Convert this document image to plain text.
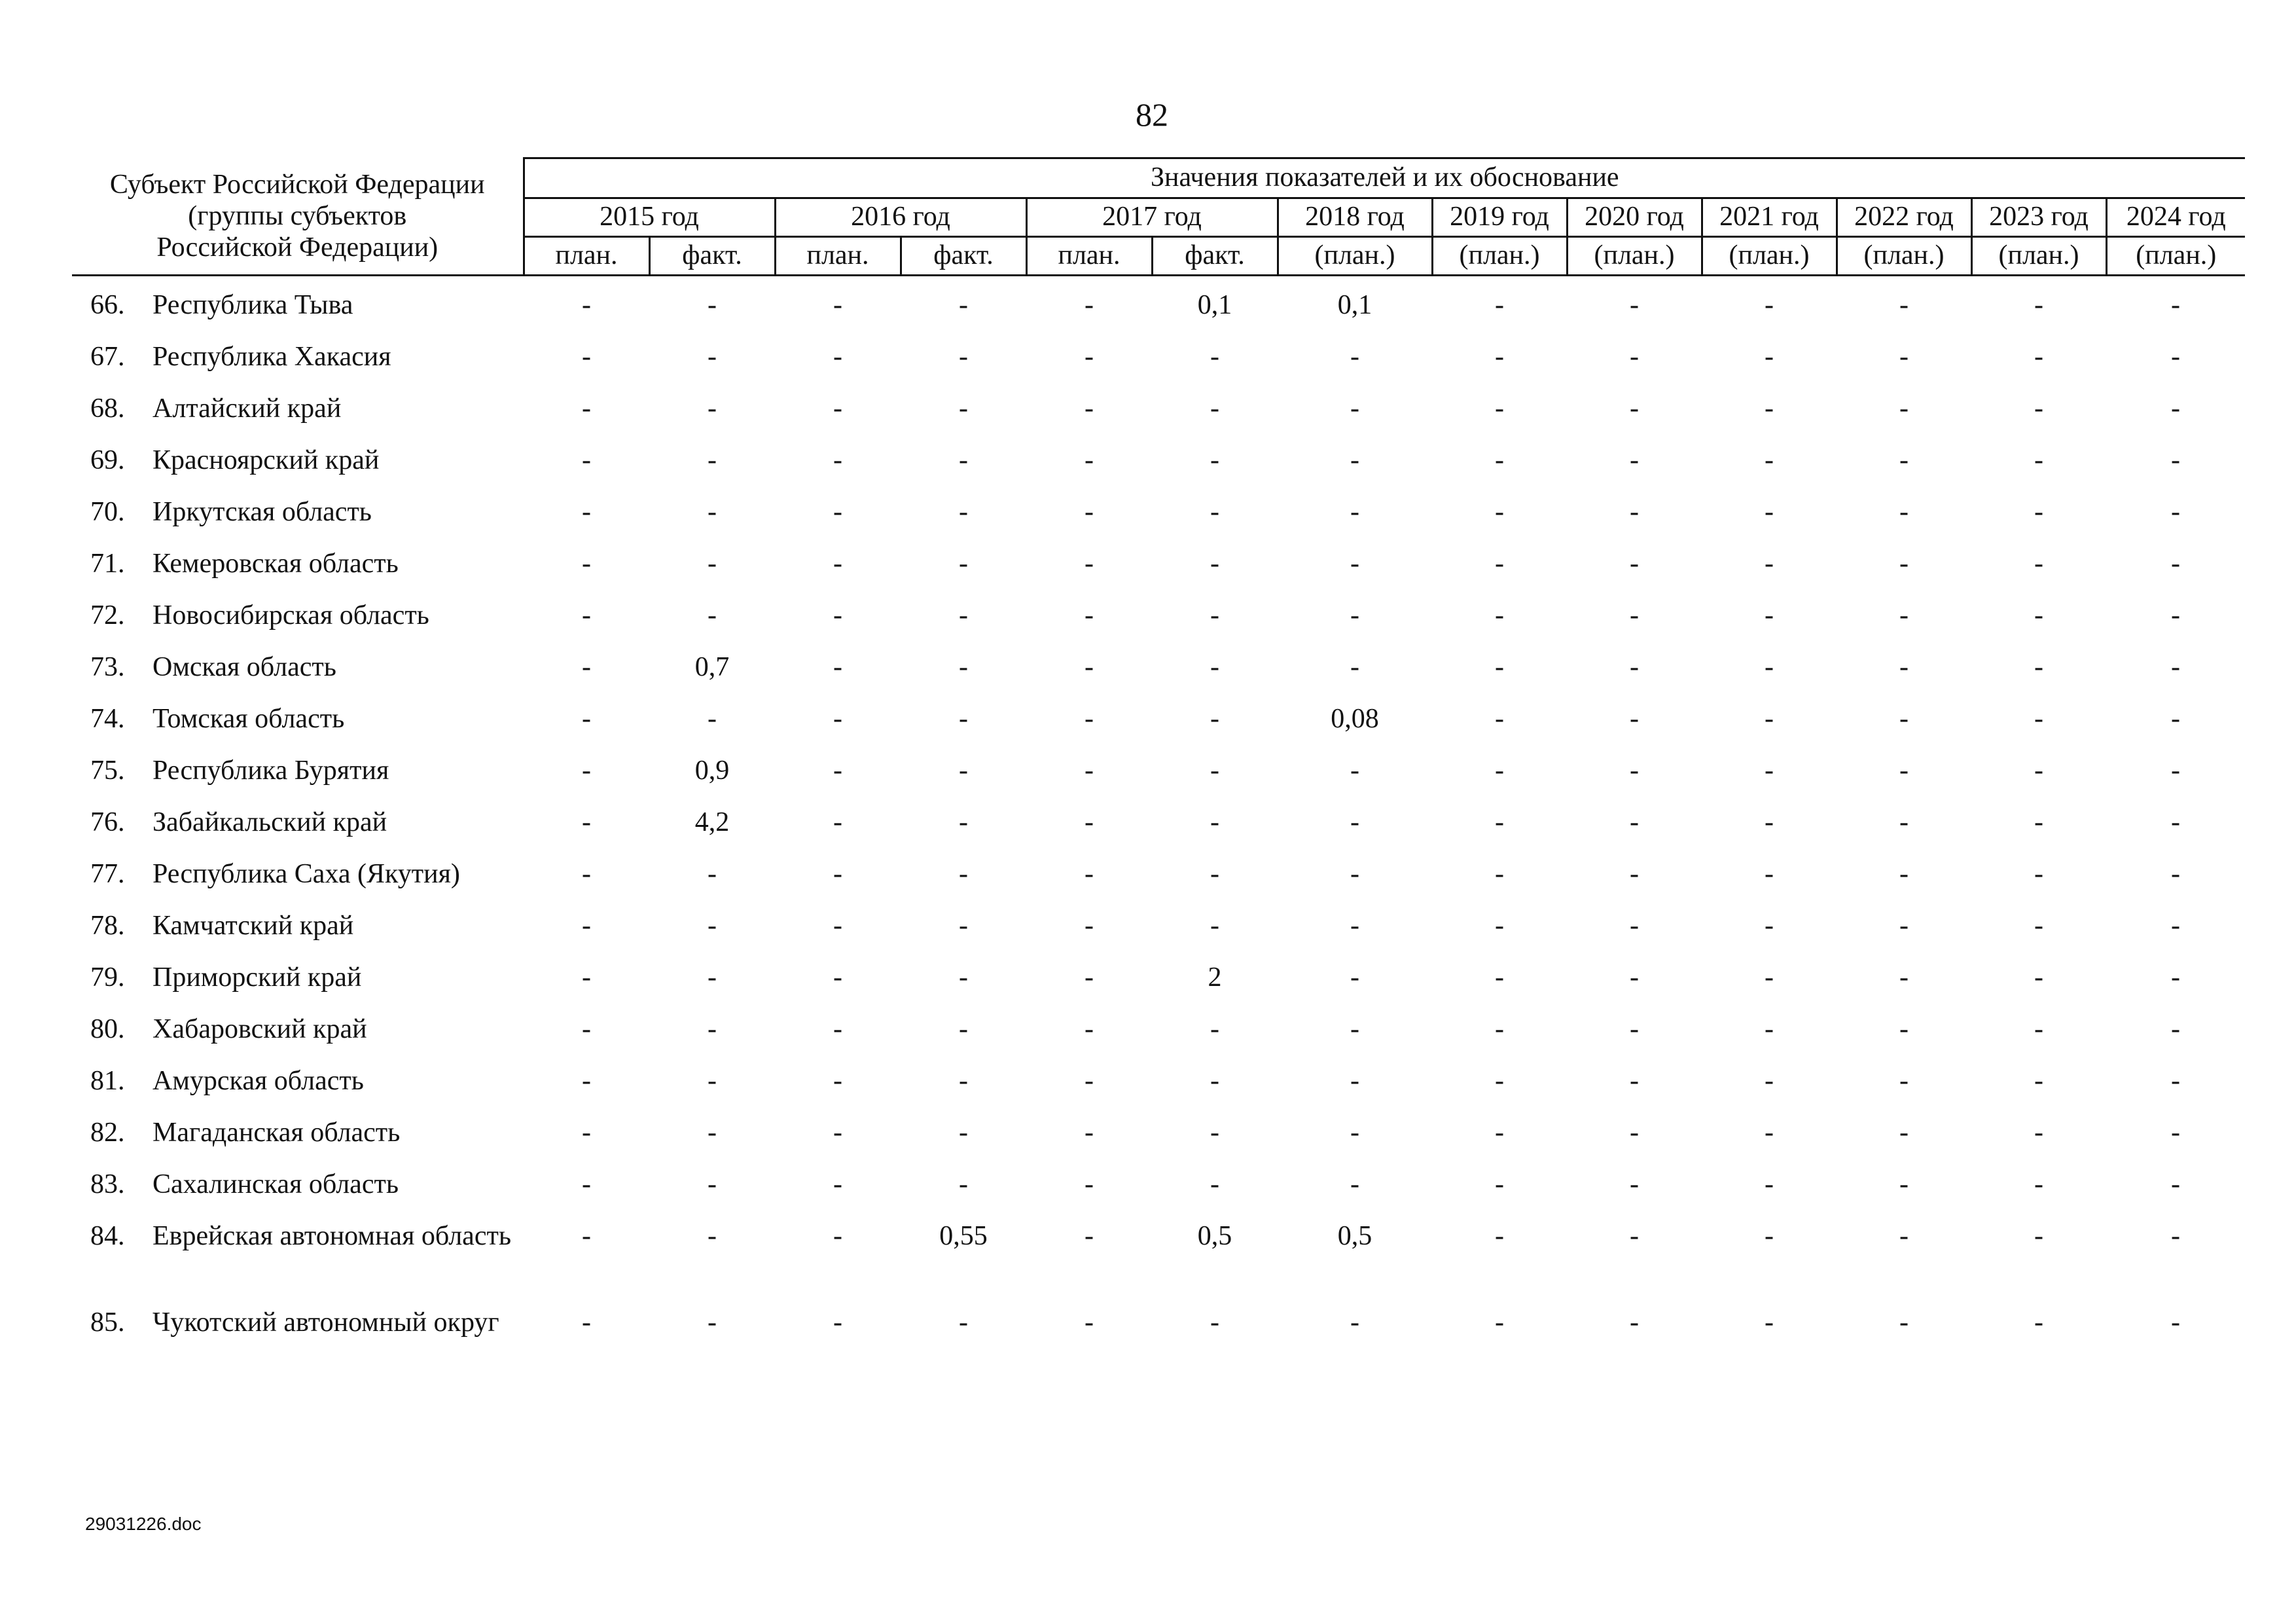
82
Субъект Российской Федерации
(группы субъектов
Российской Федерации)	Значения показателей и их обоснование												
	2015 год		2016 год		2017 год		2018 год	2019 год	2020 год	2021 год	2022 год	2023 год	2024 год
	план.	факт.	план.	факт.	план.	факт.	(план.)	(план.)	(план.)	(план.)	(план.)	(план.)	(план.)
66.	Республика Тыва	-	-	-	-	-	0,1	0,1	-	-	-	-	-	-
67.	Республика Хакасия	-	-	-	-	-	-	-	-	-	-	-	-	-
68.	Алтайский край	-	-	-	-	-	-	-	-	-	-	-	-	-
69.	Красноярский край	-	-	-	-	-	-	-	-	-	-	-	-	-
70.	Иркутская область	-	-	-	-	-	-	-	-	-	-	-	-	-
71.	Кемеровская область	-	-	-	-	-	-	-	-	-	-	-	-	-
72.	Новосибирская область	-	-	-	-	-	-	-	-	-	-	-	-	-
73.	Омская область	-	0,7	-	-	-	-	-	-	-	-	-	-	-
74.	Томская область	-	-	-	-	-	-	0,08	-	-	-	-	-	-
75.	Республика Бурятия	-	0,9	-	-	-	-	-	-	-	-	-	-	-
76.	Забайкальский край	-	4,2	-	-	-	-	-	-	-	-	-	-	-
77.	Республика Саха (Якутия)	-	-	-	-	-	-	-	-	-	-	-	-	-
78.	Камчатский край	-	-	-	-	-	-	-	-	-	-	-	-	-
79.	Приморский край	-	-	-	-	-	2	-	-	-	-	-	-	-
80.	Хабаровский край	-	-	-	-	-	-	-	-	-	-	-	-	-
81.	Амурская область	-	-	-	-	-	-	-	-	-	-	-	-	-
82.	Магаданская область	-	-	-	-	-	-	-	-	-	-	-	-	-
83.	Сахалинская область	-	-	-	-	-	-	-	-	-	-	-	-	-
84.	Еврейская автономная область	-	-	-	0,55	-	0,5	0,5	-	-	-	-	-	-
85.	Чукотский автономный округ	-	-	-	-	-	-	-	-	-	-	-	-	-
29031226.doc
